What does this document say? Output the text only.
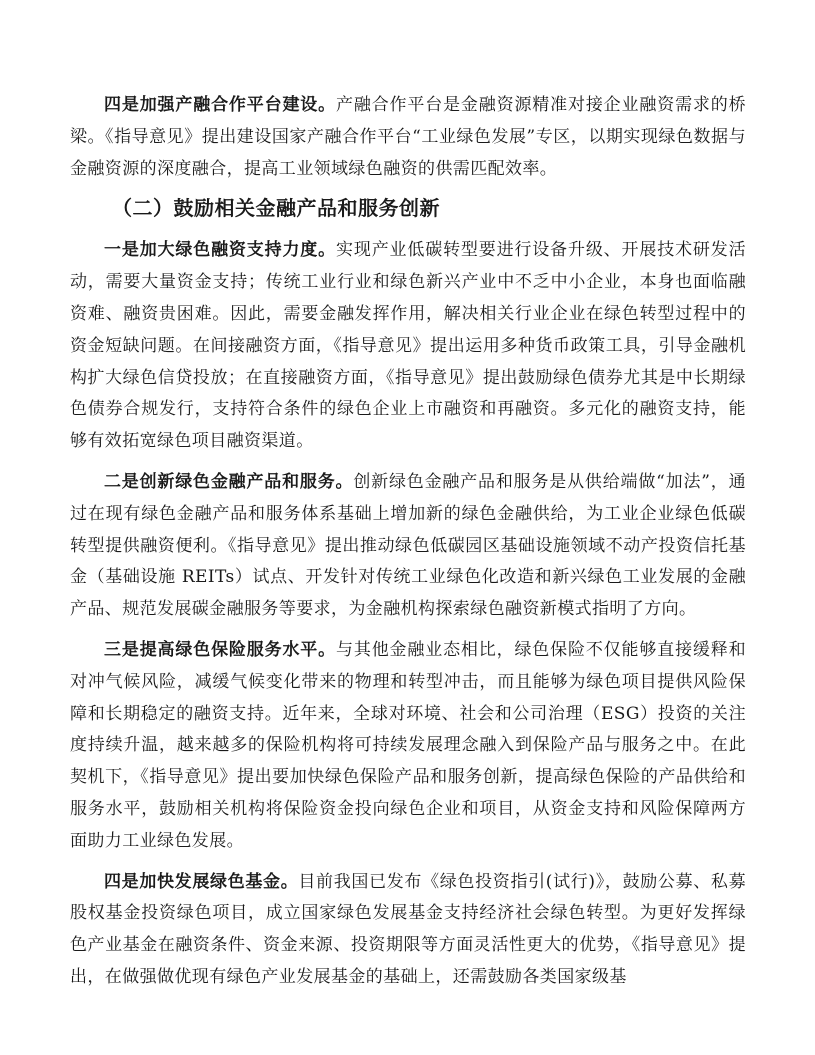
四是加强产融合作平台建设。产融合作平台是金融资源精准对接企业融资需求的桥梁。《指导意见》提出建设国家产融合作平台“工业绿色发展”专区，以期实现绿色数据与金融资源的深度融合，提高工业领域绿色融资的供需匹配效率。

（二）鼓励相关金融产品和服务创新

一是加大绿色融资支持力度。实现产业低碳转型要进行设备升级、开展技术研发活动，需要大量资金支持；传统工业行业和绿色新兴产业中不乏中小企业，本身也面临融资难、融资贵困难。因此，需要金融发挥作用，解决相关行业企业在绿色转型过程中的资金短缺问题。在间接融资方面，《指导意见》提出运用多种货币政策工具，引导金融机构扩大绿色信贷投放；在直接融资方面，《指导意见》提出鼓励绿色债券尤其是中长期绿色债券合规发行，支持符合条件的绿色企业上市融资和再融资。多元化的融资支持，能够有效拓宽绿色项目融资渠道。

二是创新绿色金融产品和服务。创新绿色金融产品和服务是从供给端做“加法”，通过在现有绿色金融产品和服务体系基础上增加新的绿色金融供给，为工业企业绿色低碳转型提供融资便利。《指导意见》提出推动绿色低碳园区基础设施领域不动产投资信托基金（基础设施 REITs）试点、开发针对传统工业绿色化改造和新兴绿色工业发展的金融产品、规范发展碳金融服务等要求，为金融机构探索绿色融资新模式指明了方向。

三是提高绿色保险服务水平。与其他金融业态相比，绿色保险不仅能够直接缓释和对冲气候风险，减缓气候变化带来的物理和转型冲击，而且能够为绿色项目提供风险保障和长期稳定的融资支持。近年来，全球对环境、社会和公司治理（ESG）投资的关注度持续升温，越来越多的保险机构将可持续发展理念融入到保险产品与服务之中。在此契机下，《指导意见》提出要加快绿色保险产品和服务创新，提高绿色保险的产品供给和服务水平，鼓励相关机构将保险资金投向绿色企业和项目，从资金支持和风险保障两方面助力工业绿色发展。

四是加快发展绿色基金。目前我国已发布《绿色投资指引(试行)》，鼓励公募、私募股权基金投资绿色项目，成立国家绿色发展基金支持经济社会绿色转型。为更好发挥绿色产业基金在融资条件、资金来源、投资期限等方面灵活性更大的优势，《指导意见》提出，在做强做优现有绿色产业发展基金的基础上，还需鼓励各类国家级基
